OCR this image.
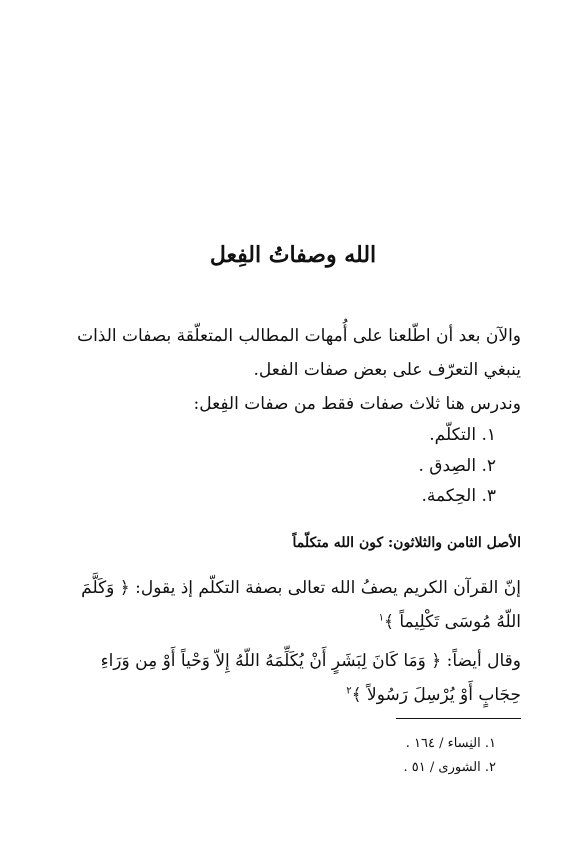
الله وصفاتُ الفِعل
والآن بعد أن اطّلعنا على أُمهات المطالب المتعلّقة بصفات الذات ينبغي التعرّف على بعض صفات الفعل.
وندرس هنا ثلاث صفات فقط من صفات الفِعل:
١. التكلّم.
٢. الصِدق .
٣. الحِكمة.
الأصل الثامن والثلاثون: كون الله متكلّماً
إنّ القرآن الكريم يصفُ الله تعالى بصفة التكلّم إذ يقول: ﴿ وَكَلَّمَ اللّهُ مُوسَى تَكْلِيماً ﴾$^١$
وقال أيضاً: ﴿ وَمَا كَانَ لِبَشَرٍ أَنْ يُكَلِّمَهُ اللّهُ إِلاّ وَحْياً أَوْ مِن وَرَاءِ حِجَابٍ أَوْ يُرْسِلَ رَسُولاً ﴾$^٢$
١. النِساء / ١٦٤ .
٢. الشورى / ٥١ .
